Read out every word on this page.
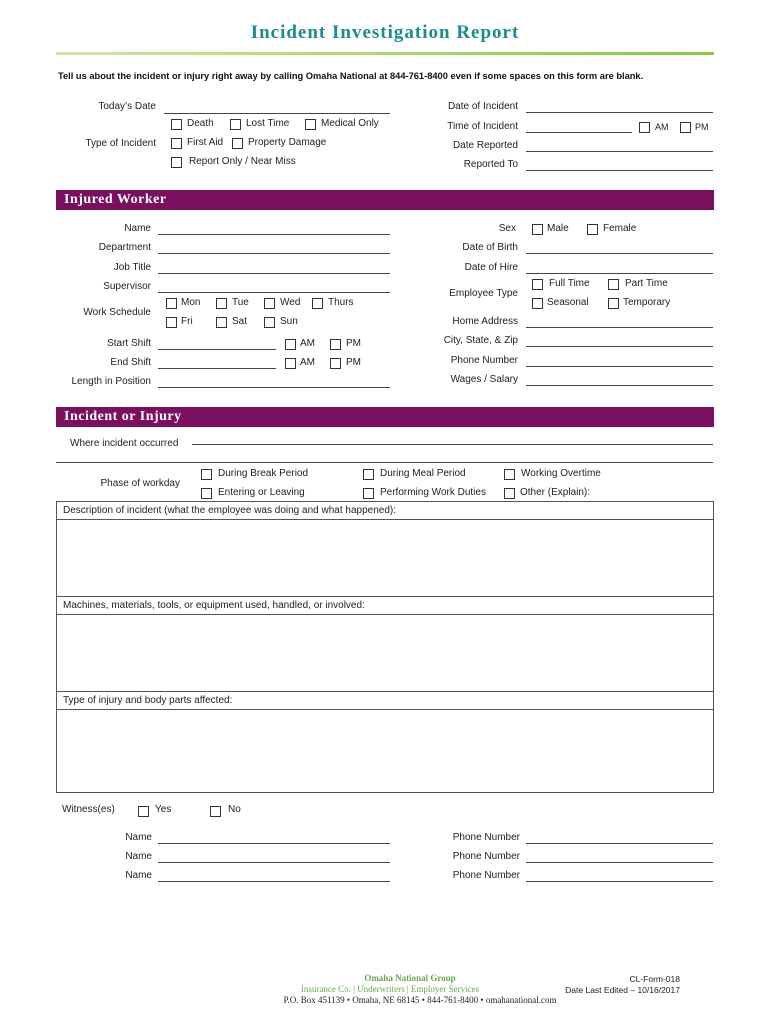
Incident Investigation Report
Tell us about the incident or injury right away by calling Omaha National at 844-761-8400 even if some spaces on this form are blank.
Today’s Date
Type of Incident
Death	Lost Time	Medical Only
First Aid Property Damage
Report Only / Near Miss
Date of Incident
Time of Incident	AM	PM
Date Reported
Reported To
Injured Worker
Name
Department
Job Title
Supervisor
Work Schedule
Mon	Tue	Wed	Thurs
Fri	Sat	Sun
Start Shift	AM	PM
End Shift	AM	PM
Length in Position
Sex	Male	Female
Date of Birth
Date of Hire
Employee Type
Full Time	Part Time
Seasonal	Temporary
Home Address
City, State, & Zip
Phone Number
Wages / Salary
Incident or Injury
Where incident occurred
Phase of workday
During Break Period	During Meal Period	Working Overtime
Entering or Leaving	Performing Work Duties	Other (Explain):
Description of incident (what the employee was doing and what happened):
Machines, materials, tools, or equipment used, handled, or involved:
Type of injury and body parts affected:
Witness(es)	Yes	No
Name	Phone Number
Name	Phone Number
Name	Phone Number
Omaha National Group
Insurance Co. | Underwriters | Employer Services
P.O. Box 451139 • Omaha, NE 68145 • 844-761-8400 • omahanational.com
CL-Form-018
Date Last Edited – 10/16/2017
